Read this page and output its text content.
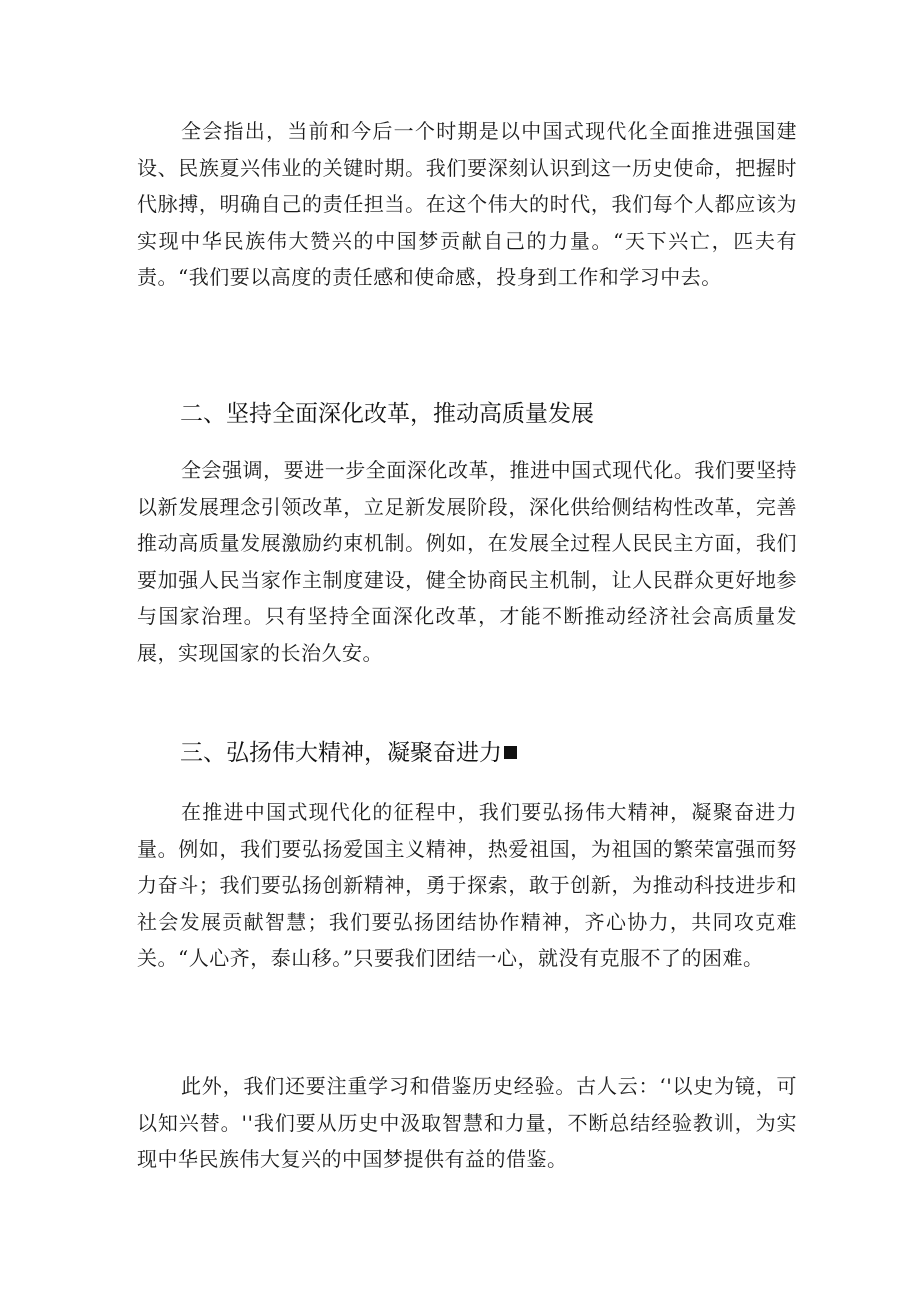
全会指出，当前和今后一个时期是以中国式现代化全面推进强国建设、民族夏兴伟业的关键时期。我们要深刻认识到这一历史使命，把握时代脉搏，明确自己的责任担当。在这个伟大的时代，我们每个人都应该为实现中华民族伟大赞兴的中国梦贡献自己的力量。“天下兴亡，匹夫有责。“我们要以高度的责任感和使命感，投身到工作和学习中去。

二、坚持全面深化改革，推动高质量发展

全会强调，要进一步全面深化改革，推进中国式现代化。我们要坚持以新发展理念引领改革，立足新发展阶段，深化供给侧结构性改革，完善推动高质量发展激励约束机制。例如，在发展全过程人民民主方面，我们要加强人民当家作主制度建设，健全协商民主机制，让人民群众更好地参与国家治理。只有坚持全面深化改革，才能不断推动经济社会高质量发展，实现国家的长治久安。

三、弘扬伟大精神，凝聚奋进力

在推进中国式现代化的征程中，我们要弘扬伟大精神，凝聚奋进力量。例如，我们要弘扬爱国主义精神，热爱祖国，为祖国的繁荣富强而努力奋斗；我们要弘扬创新精神，勇于探索，敢于创新，为推动科技进步和社会发展贡献智慧；我们要弘扬团结协作精神，齐心协力，共同攻克难关。“人心齐，泰山移。”只要我们团结一心，就没有克服不了的困难。

此外，我们还要注重学习和借鉴历史经验。古人云：‘'以史为镜，可以知兴替。''我们要从历史中汲取智慧和力量，不断总结经验教训，为实现中华民族伟大复兴的中国梦提供有益的借鉴。
